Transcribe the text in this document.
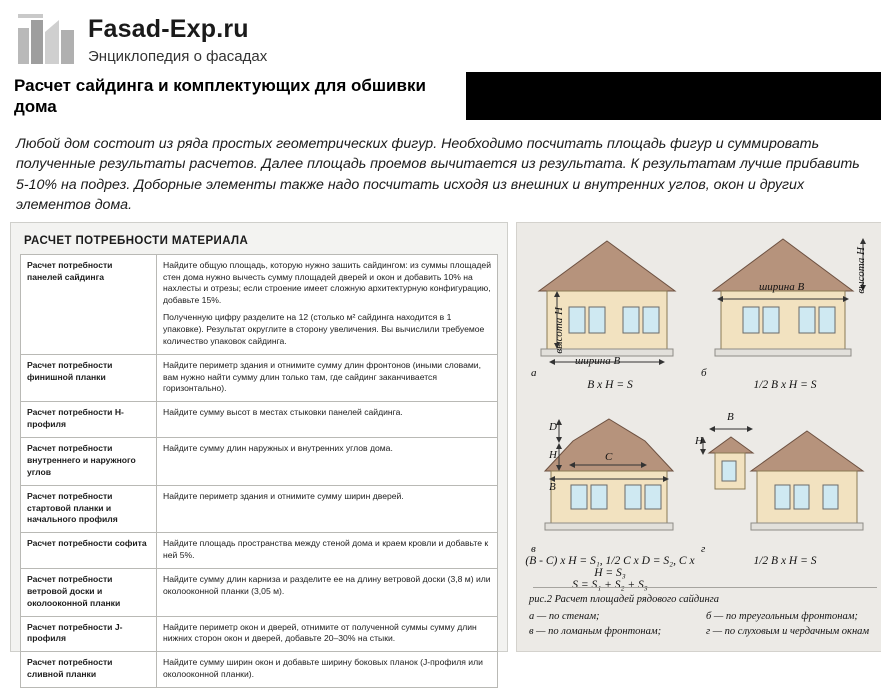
Fasad-Exp.ru
Энциклопедия о фасадах
Расчет сайдинга и комплектующих для обшивки дома
Любой дом состоит из ряда простых геометрических фигур. Необходимо посчитать площадь фигур и суммировать полученные результаты расчетов. Далее площадь проемов вычитается из результата. К результатам лучше прибавить 5-10% на подрез. Доборные элементы также надо посчитать исходя из внешних и внутренних углов, окон и других элементов дома.
РАСЧЕТ ПОТРЕБНОСТИ МАТЕРИАЛА
Расчет потребности панелей сайдинга	Найдите общую площадь, которую нужно зашить сайдингом: из суммы площадей стен дома нужно вычесть сумму площадей дверей и окон и добавить 10% на нахлесты и отрезы; если строение имеет сложную архитектурную конфигурацию, добавьте 15%.

Полученную цифру разделите на 12 (столько м² сайдинга находится в 1 упаковке). Результат округлите в сторону увеличения. Вы вычислили требуемое количество упаковок сайдинга.

Расчет потребности финишной планки	Найдите периметр здания и отнимите сумму длин фронтонов (иными словами, вам нужно найти сумму длин только там, где сайдинг заканчивается горизонтально).

Расчет потребности Н-профиля	Найдите сумму высот в местах стыковки панелей сайдинга.

Расчет потребности внутреннего и наружного углов	Найдите сумму длин наружных и внутренних углов дома.

Расчет потребности стартовой планки и начального профиля	Найдите периметр здания и отнимите сумму ширин дверей.

Расчет потребности софита	Найдите площадь пространства между стеной дома и краем кровли и добавьте к ней 5%.

Расчет потребности ветровой доски и околооконной планки	Найдите сумму длин карниза и разделите ее на длину ветровой доски (3,8 м) или околооконной планки (3,05 м).

Расчет потребности J-профиля	Найдите периметр окон и дверей, отнимите от полученной суммы сумму длин нижних сторон окон и дверей, добавьте 20–30% на стыки.

Расчет потребности сливной планки	Найдите сумму ширин окон и добавьте ширину боковых планок (J-профиля или околооконной планки).

высота H
ширина B
высота H
ширина B
а
B x H = S
б
1/2 B x H = S
D
H	C
B
B
H
в
(B - C) x H = S₁, 1/2 C x D = S₂, C x H = S₃
S = S₁ + S₂ + S₃
г
1/2 B x H = S
рис.2 Расчет площадей рядового сайдинга
а — по стенам;
в — по ломаным фронтонам;
б — по треугольным фронтонам;
г — по слуховым и чердачным окнам
